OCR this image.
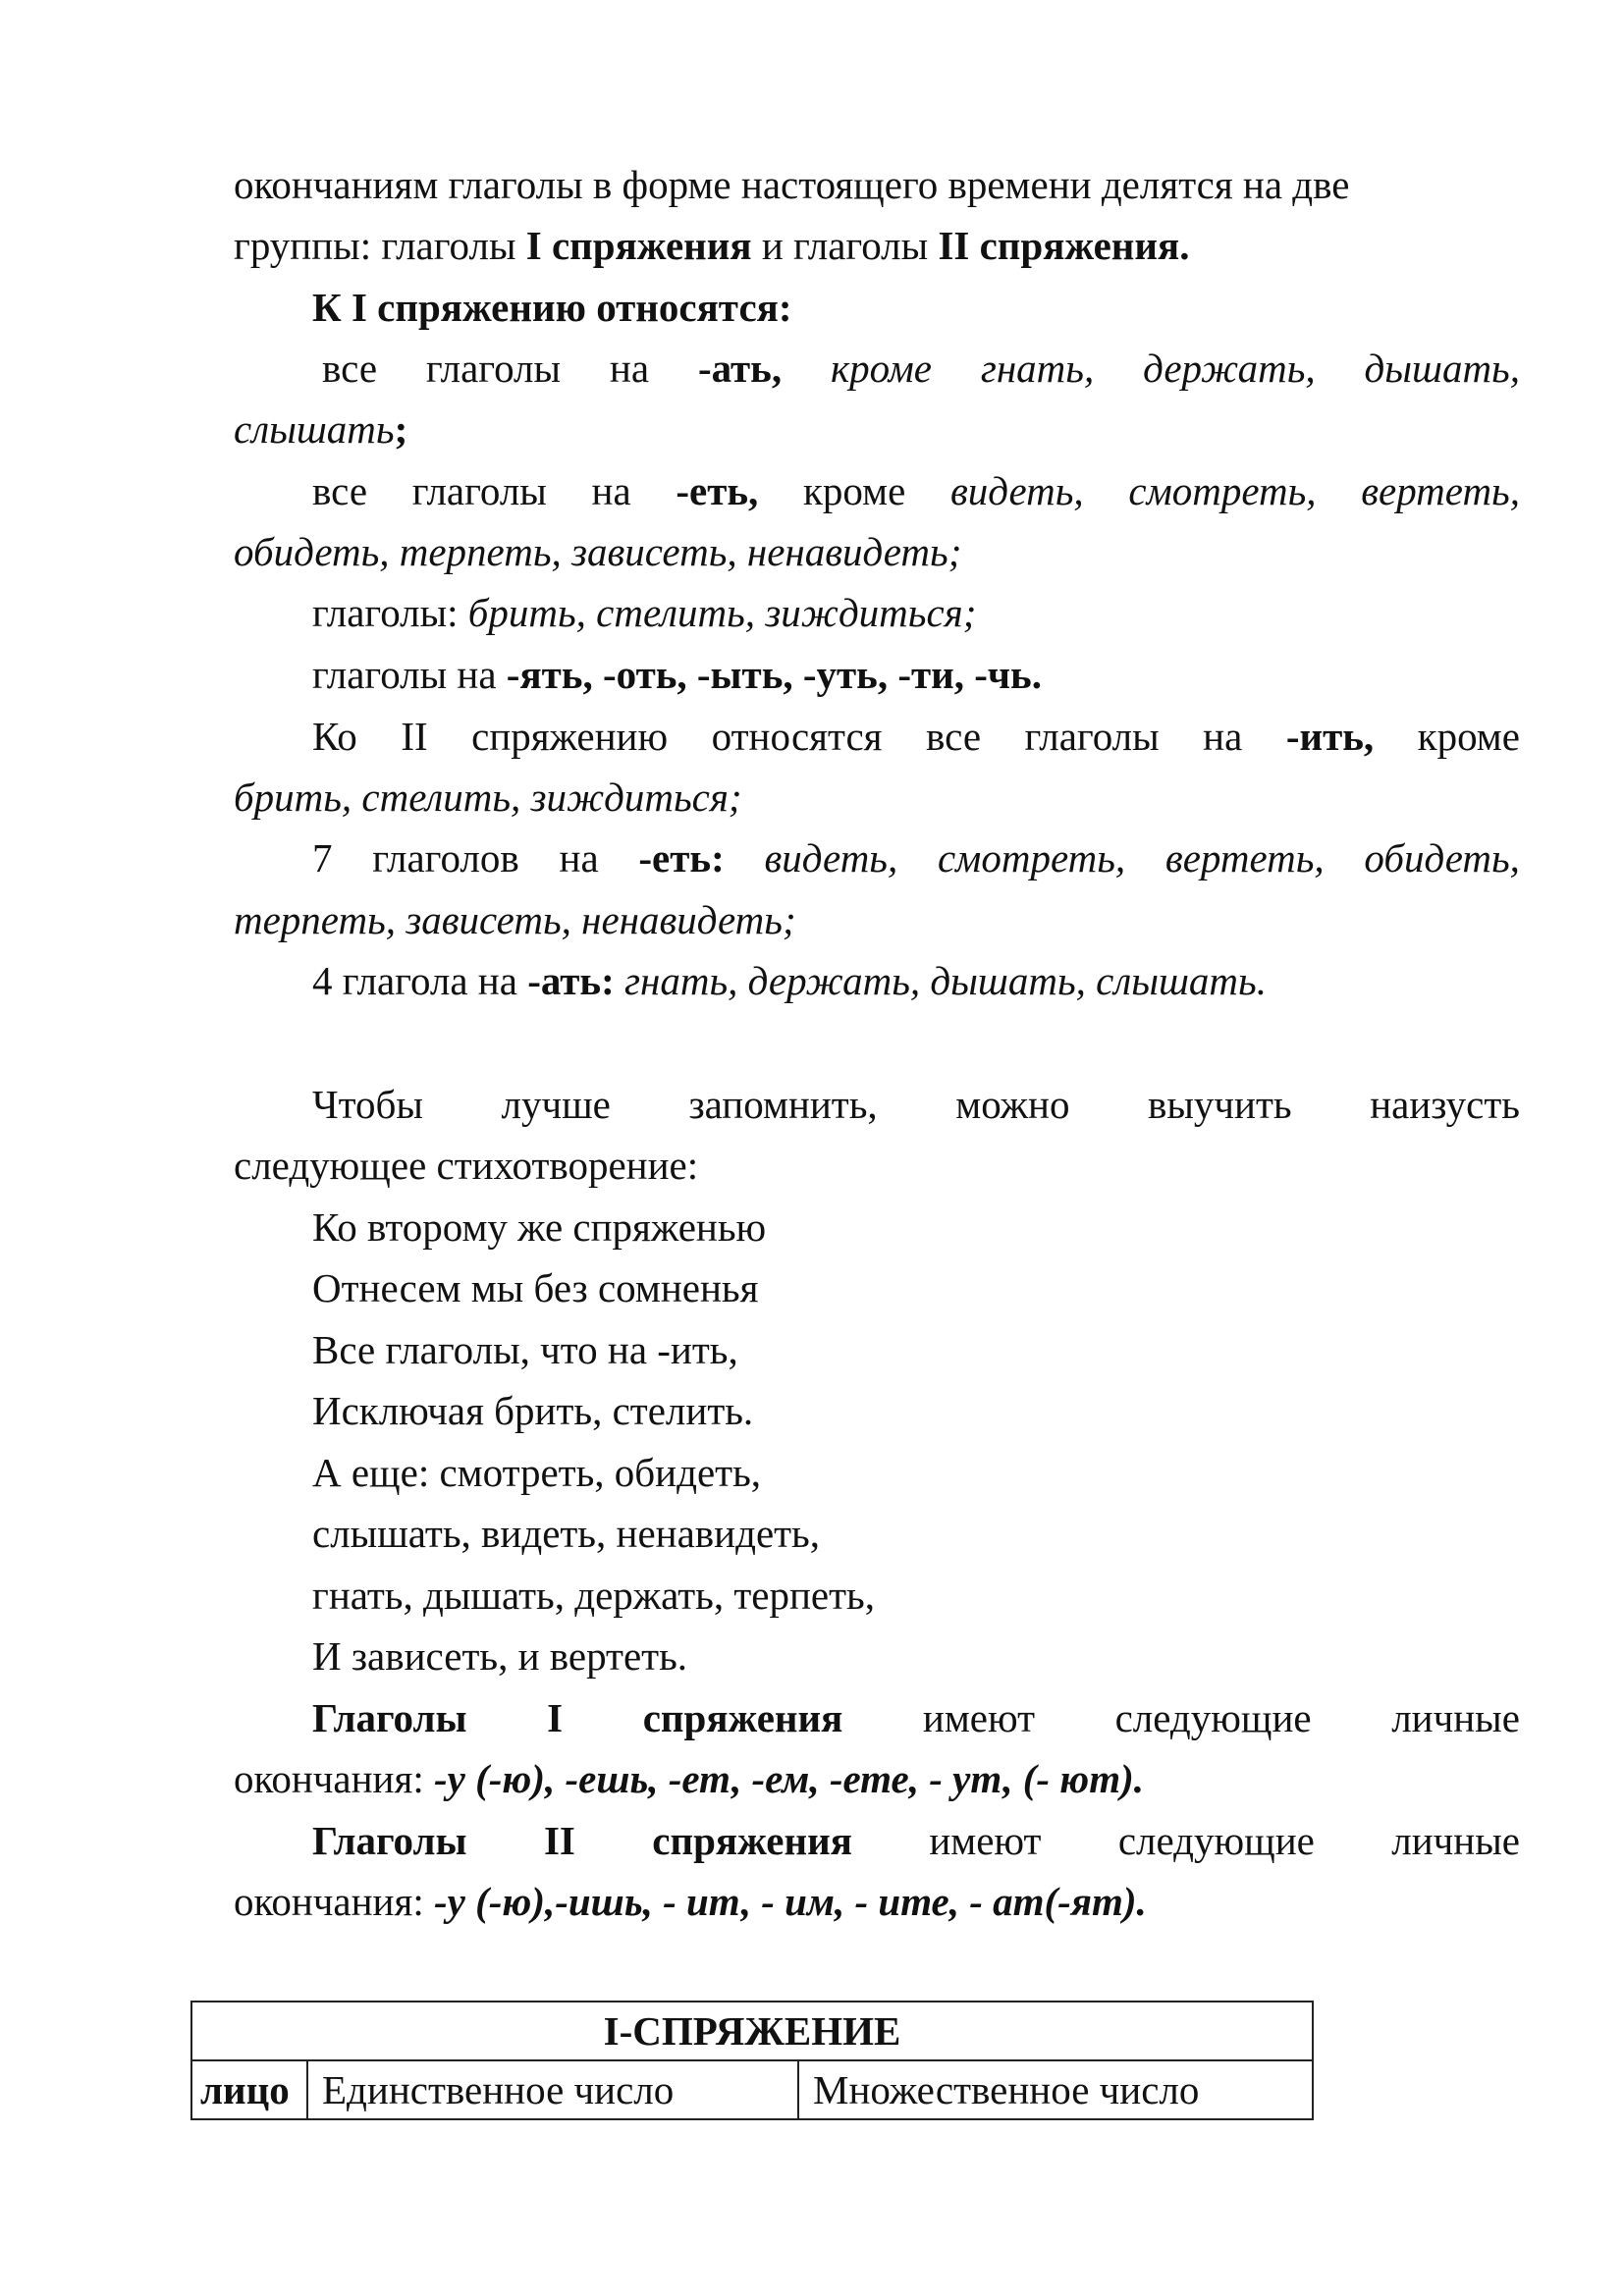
окончаниям глаголы в форме настоящего времени делятся на две
группы: глаголы I спряжения и глаголы II спряжения.
К I спряжению относятся:
все глаголы на -ать, кроме гнать, держать, дышать,
слышать;
все глаголы на -еть, кроме видеть, смотреть, вертеть,
обидеть, терпеть, зависеть, ненавидеть;
глаголы: брить, стелить, зиждиться;
глаголы на -ять, -оть, -ыть, -уть, -ти, -чь.
Ко II спряжению относятся все глаголы на -ить, кроме
брить, стелить, зиждиться;
7 глаголов на -еть: видеть, смотреть, вертеть, обидеть,
терпеть, зависеть, ненавидеть;
4 глагола на -ать: гнать, держать, дышать, слышать.
Чтобы лучше запомнить, можно выучить наизусть
следующее стихотворение:
Ко второму же спряженью
Отнесем мы без сомненья
Все глаголы, что на -ить,
Исключая брить, стелить.
А еще: смотреть, обидеть,
слышать, видеть, ненавидеть,
гнать, дышать, держать, терпеть,
И зависеть, и вертеть.
Глаголы I спряжения имеют следующие личные
окончания: -у (-ю), -ешь, -ет, -ем, -ете, - ут, (- ют).
Глаголы II спряжения имеют следующие личные
окончания: -у (-ю),-ишь, - ит, - им, - ите, - ат(-ят).
I-СПРЯЖЕНИЕ
лицо	Единственное число	Множественное число
